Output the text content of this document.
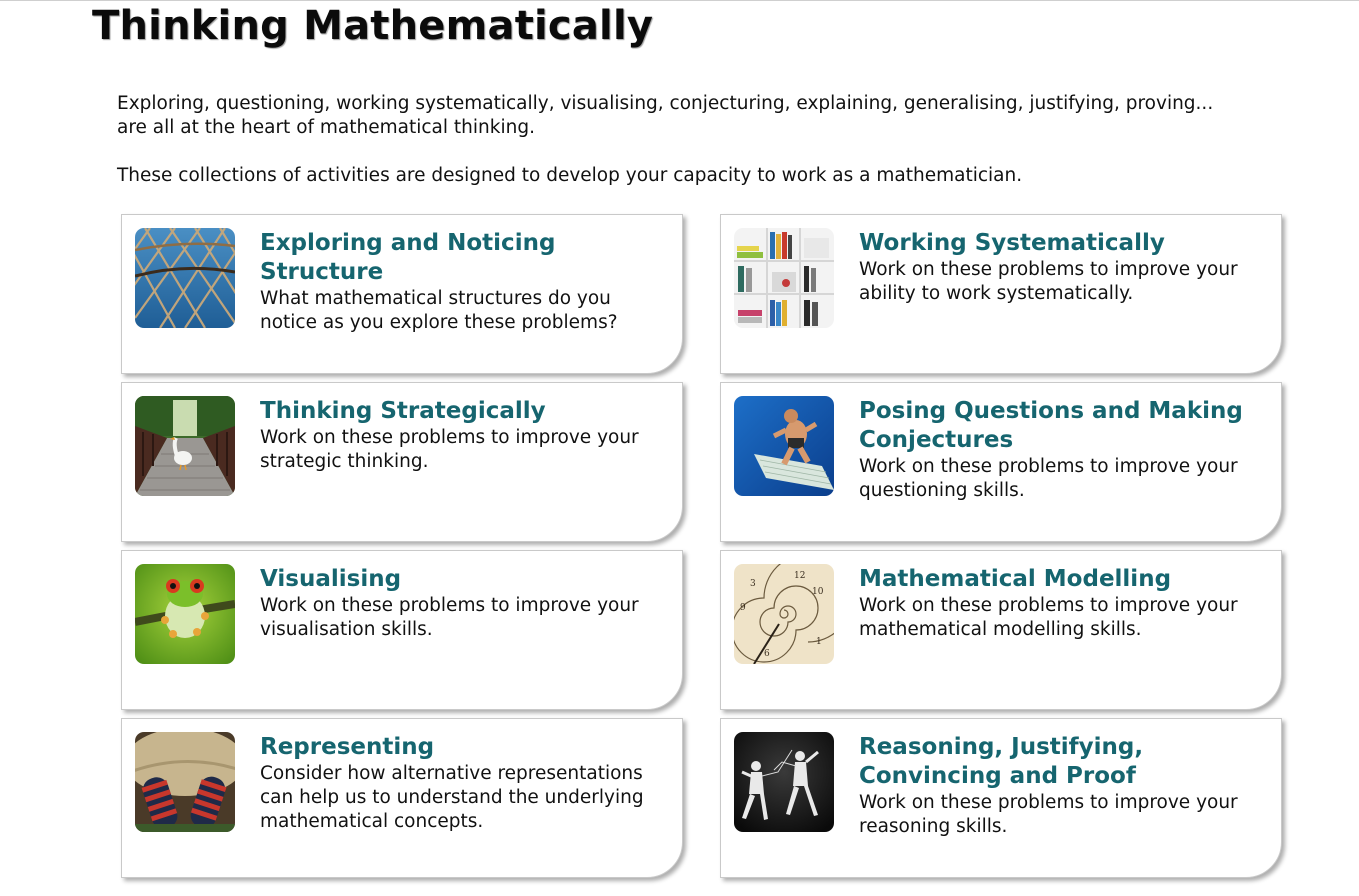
Thinking Mathematically

Exploring, questioning, working systematically, visualising, conjecturing, explaining, generalising, justifying, proving... are all at the heart of mathematical thinking.

These collections of activities are designed to develop your capacity to work as a mathematician.

Exploring and Noticing Structure
What mathematical structures do you notice as you explore these problems?
Working Systematically
Work on these problems to improve your ability to work systematically.
Thinking Strategically
Work on these problems to improve your strategic thinking.
Posing Questions and Making Conjectures
Work on these problems to improve your questioning skills.
Visualising
Work on these problems to improve your visualisation skills.
3
9
10
1
6
12 Mathematical Modelling
Work on these problems to improve your mathematical modelling skills.
Representing
Consider how alternative representations can help us to understand the underlying mathematical concepts.
Reasoning, Justifying, Convincing and Proof
Work on these problems to improve your reasoning skills.
